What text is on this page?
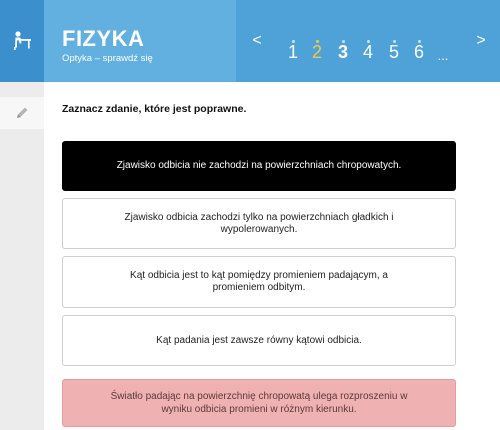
FIZYKA
Optyka – sprawdź się
<
1 2 3 4 5 6	...
>
Zaznacz zdanie, które jest poprawne.
Zjawisko odbicia nie zachodzi na powierzchniach chropowatych.
Zjawisko odbicia zachodzi tylko na powierzchniach gładkich i wypolerowanych.
Kąt odbicia jest to kąt pomiędzy promieniem padającym, a promieniem odbitym.
Kąt padania jest zawsze równy kątowi odbicia.
Światło padając na powierzchnię chropowatą ulega rozproszeniu w wyniku odbicia promieni w różnym kierunku.
